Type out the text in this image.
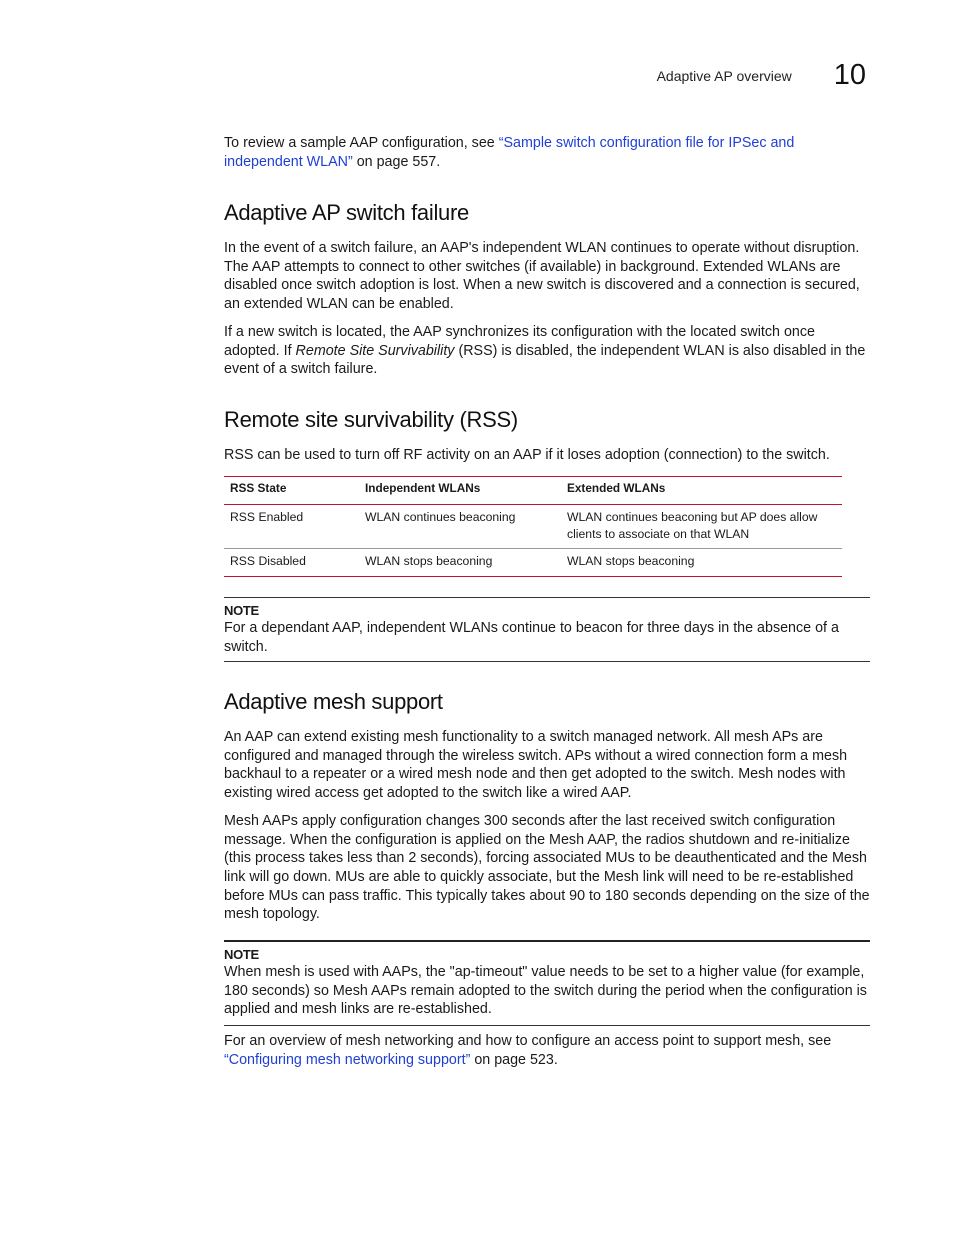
Adaptive AP overview 10

To review a sample AAP configuration, see “Sample switch configuration file for IPSec and independent WLAN” on page 557.

Adaptive AP switch failure

In the event of a switch failure, an AAP's independent WLAN continues to operate without disruption. The AAP attempts to connect to other switches (if available) in background. Extended WLANs are disabled once switch adoption is lost. When a new switch is discovered and a connection is secured, an extended WLAN can be enabled.

If a new switch is located, the AAP synchronizes its configuration with the located switch once adopted. If Remote Site Survivability (RSS) is disabled, the independent WLAN is also disabled in the event of a switch failure.

Remote site survivability (RSS)

RSS can be used to turn off RF activity on an AAP if it loses adoption (connection) to the switch.

RSS State	Independent WLANs	Extended WLANs
RSS Enabled	WLAN continues beaconing	WLAN continues beaconing but AP does allow clients to associate on that WLAN
RSS Disabled	WLAN stops beaconing	WLAN stops beaconing
NOTE

For a dependant AAP, independent WLANs continue to beacon for three days in the absence of a switch.

Adaptive mesh support

An AAP can extend existing mesh functionality to a switch managed network. All mesh APs are configured and managed through the wireless switch. APs without a wired connection form a mesh backhaul to a repeater or a wired mesh node and then get adopted to the switch. Mesh nodes with existing wired access get adopted to the switch like a wired AAP.

Mesh AAPs apply configuration changes 300 seconds after the last received switch configuration message. When the configuration is applied on the Mesh AAP, the radios shutdown and re-initialize (this process takes less than 2 seconds), forcing associated MUs to be deauthenticated and the Mesh link will go down. MUs are able to quickly associate, but the Mesh link will need to be re-established before MUs can pass traffic. This typically takes about 90 to 180 seconds depending on the size of the mesh topology.

NOTE

When mesh is used with AAPs, the "ap-timeout" value needs to be set to a higher value (for example, 180 seconds) so Mesh AAPs remain adopted to the switch during the period when the configuration is applied and mesh links are re-established.

For an overview of mesh networking and how to configure an access point to support mesh, see “Configuring mesh networking support” on page 523.
